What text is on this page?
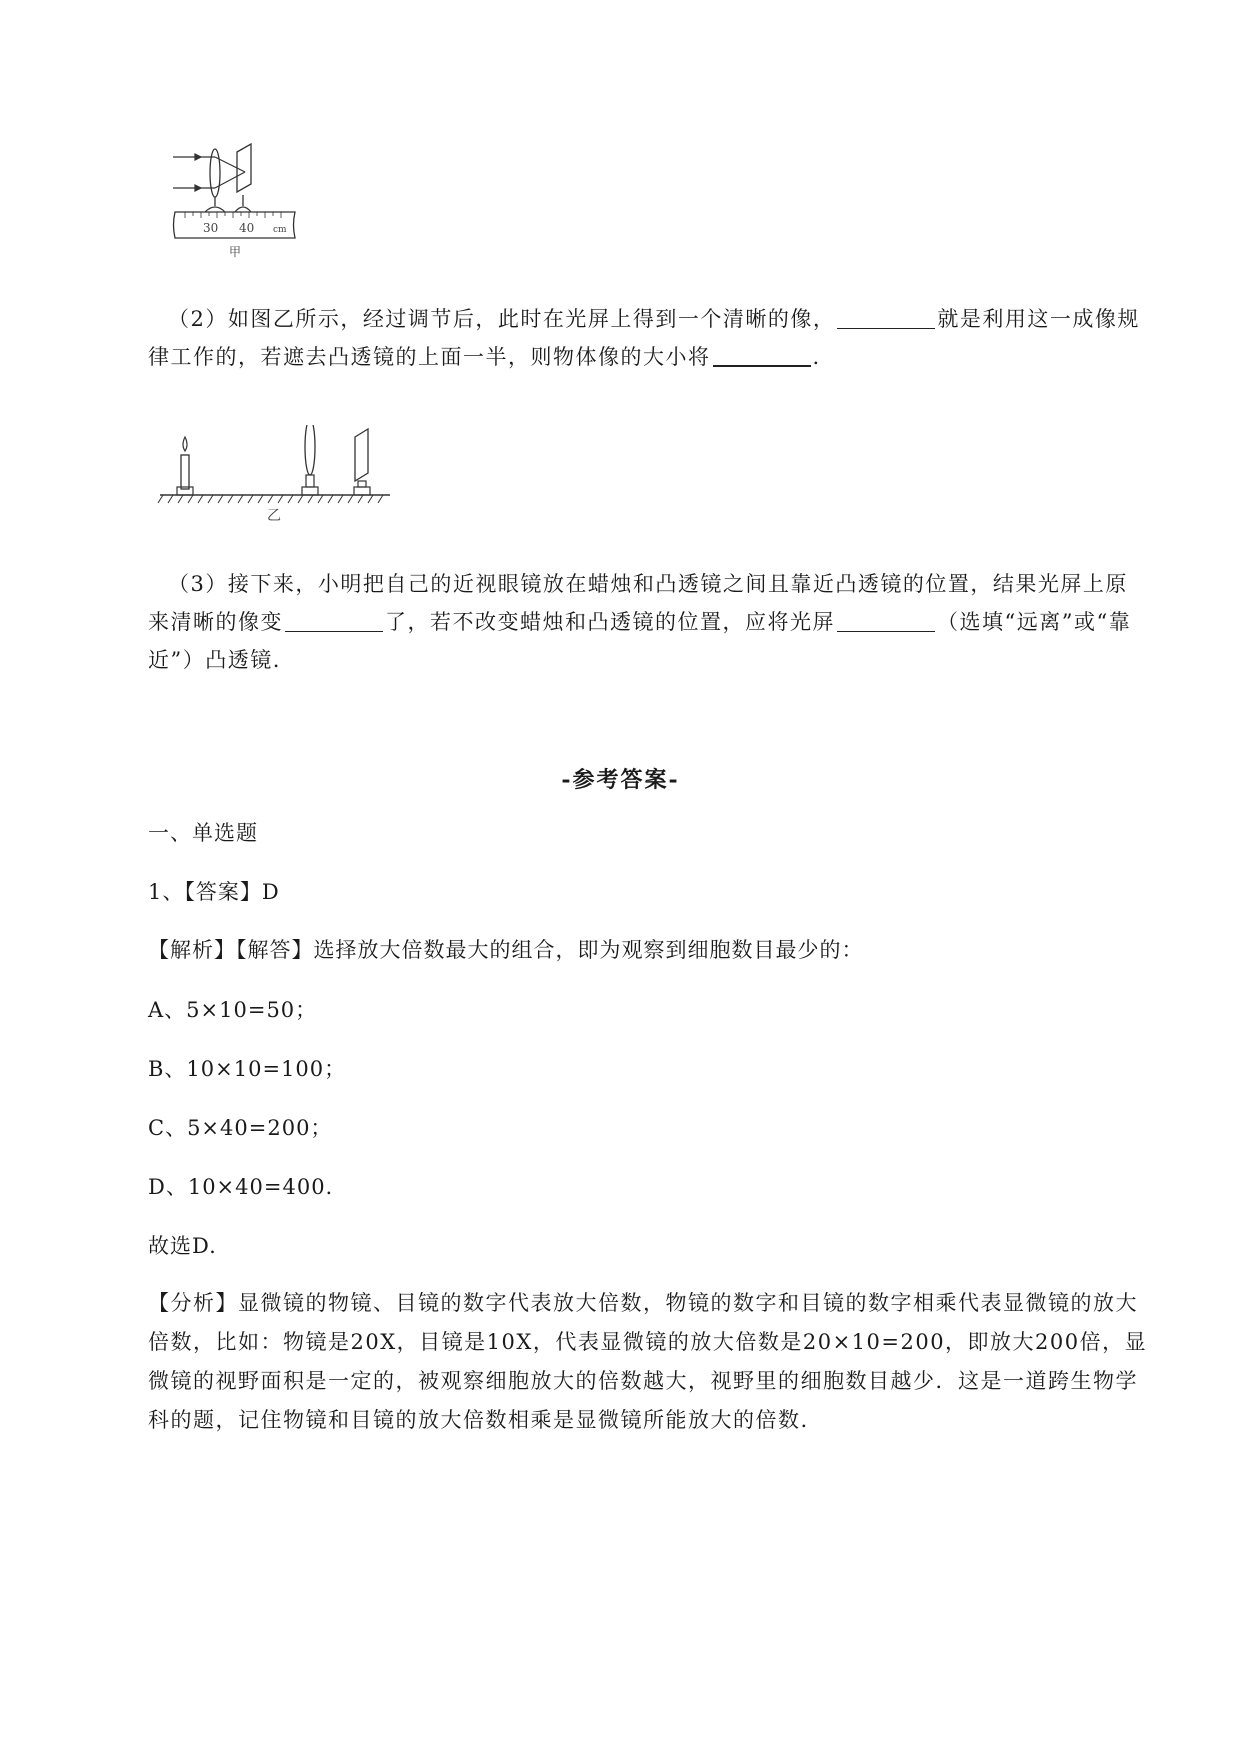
30 40 cm
甲
（2）如图乙所示，经过调节后，此时在光屏上得到一个清晰的像，	就是利用这一成像规律工作的，若遮去凸透镜的上面一半，则物体像的大小将	.
乙
（3）接下来，小明把自己的近视眼镜放在蜡烛和凸透镜之间且靠近凸透镜的位置，结果光屏上原来清晰的像变	了，若不改变蜡烛和凸透镜的位置，应将光屏	（选填“远离”或“靠近”）凸透镜.
-参考答案-
一、单选题
1、【答案】D
【解析】【解答】选择放大倍数最大的组合，即为观察到细胞数目最少的：
A、5×10=50；
B、10×10=100；
C、5×40=200；
D、10×40=400.
故选D.
【分析】显微镜的物镜、目镜的数字代表放大倍数，物镜的数字和目镜的数字相乘代表显微镜的放大倍数，比如：物镜是20X，目镜是10X，代表显微镜的放大倍数是20×10=200，即放大200倍，显微镜的视野面积是一定的，被观察细胞放大的倍数越大，视野里的细胞数目越少．这是一道跨生物学科的题，记住物镜和目镜的放大倍数相乘是显微镜所能放大的倍数.
